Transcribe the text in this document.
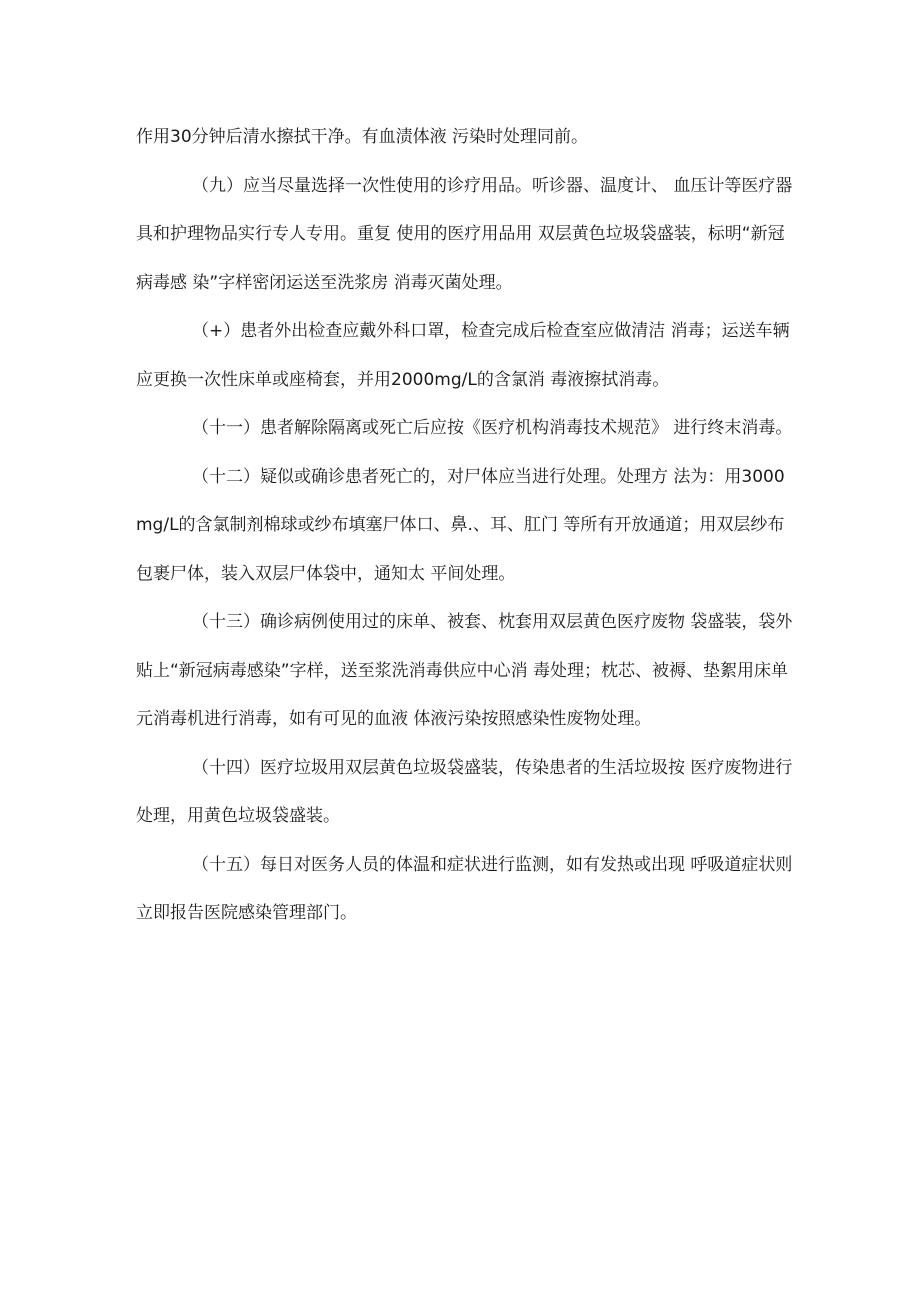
作用30分钟后清水擦拭干净。有血渍体液 污染时处理同前。

（九）应当尽量选择一次性使用的诊疗用品。听诊器、温度计、 血压计等医疗器具和护理物品实行专人专用。重复 使用的医疗用品用 双层黄色垃圾袋盛装，标明“新冠病毒感 染”字样密闭运送至洗浆房 消毒灭菌处理。

（+）患者外出检查应戴外科口罩，检查完成后检查室应做清洁 消毒；运送车辆应更换一次性床单或座椅套，并用2000mg/L的含氯消 毒液擦拭消毒。

（十一）患者解除隔离或死亡后应按《医疗机构消毒技术规范》 进行终末消毒。

（十二）疑似或确诊患者死亡的，对尸体应当进行处理。处理方 法为：用3000mg/L的含氯制剂棉球或纱布填塞尸体口、鼻.、耳、肛门 等所有开放通道；用双层纱布包裹尸体，装入双层尸体袋中，通知太 平间处理。

（十三）确诊病例使用过的床单、被套、枕套用双层黄色医疗废物 袋盛装，袋外贴上“新冠病毒感染”字样，送至浆洗消毒供应中心消 毒处理；枕芯、被褥、垫絮用床单元消毒机进行消毒，如有可见的血液 体液污染按照感染性废物处理。

（十四）医疗垃圾用双层黄色垃圾袋盛装，传染患者的生活垃圾按 医疗废物进行处理，用黄色垃圾袋盛装。

（十五）每日对医务人员的体温和症状进行监测，如有发热或出现 呼吸道症状则立即报告医院感染管理部门。
